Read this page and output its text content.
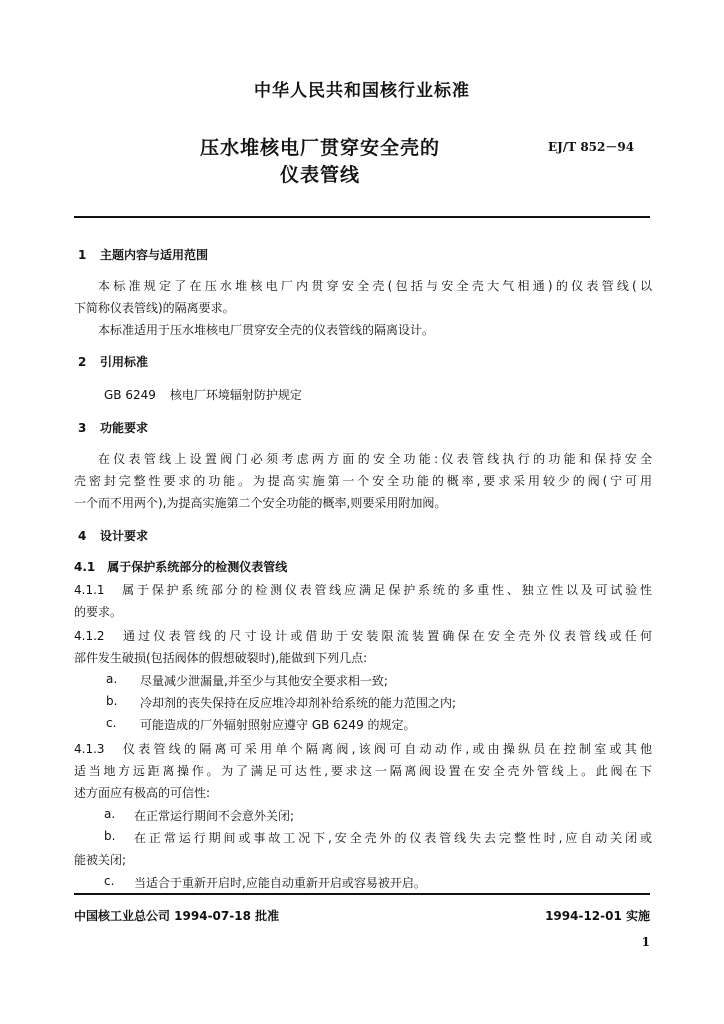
中华人民共和国核行业标准
压水堆核电厂贯穿安全壳的
仪表管线
EJ/T 852－94
1 主题内容与适用范围
本标准规定了在压水堆核电厂内贯穿安全壳(包括与安全壳大气相通)的仪表管线(以
下简称仪表管线)的隔离要求。
本标准适用于压水堆核电厂贯穿安全壳的仪表管线的隔离设计。
2 引用标准
GB 6249 核电厂环境辐射防护规定
3 功能要求
在仪表管线上设置阀门必须考虑两方面的安全功能:仪表管线执行的功能和保持安全
壳密封完整性要求的功能。为提高实施第一个安全功能的概率,要求采用较少的阀(宁可用
一个而不用两个),为提高实施第二个安全功能的概率,则要采用附加阀。
4 设计要求
4.1 属于保护系统部分的检测仪表管线
4.1.1　属于保护系统部分的检测仪表管线应满足保护系统的多重性、独立性以及可试验性
的要求。
4.1.2　通过仪表管线的尺寸设计或借助于安装限流装置确保在安全壳外仪表管线或任何
部件发生破损(包括阀体的假想破裂时),能做到下列几点:
a.	尽量减少泄漏量,并至少与其他安全要求相一致;
b.	冷却剂的丧失保持在反应堆冷却剂补给系统的能力范围之内;
c.	可能造成的厂外辐射照射应遵守 GB 6249 的规定。
4.1.3　仪表管线的隔离可采用单个隔离阀,该阀可自动动作,或由操纵员在控制室或其他
适当地方远距离操作。为了满足可达性,要求这一隔离阀设置在安全壳外管线上。此阀在下
述方面应有极高的可信性:
a.	在正常运行期间不会意外关闭;
b.	在正常运行期间或事故工况下,安全壳外的仪表管线失去完整性时,应自动关闭或
能被关闭;
c.	当适合于重新开启时,应能自动重新开启或容易被开启。
中国核工业总公司 1994-07-18 批准	1994-12-01 实施
1
